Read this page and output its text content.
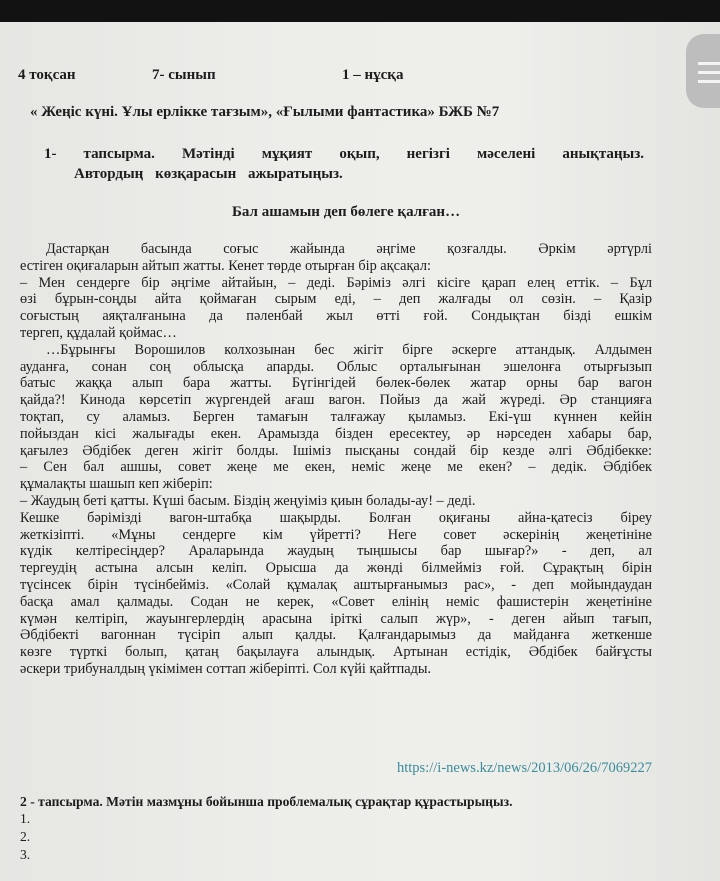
4 тоқсан	7- сынып	1 – нұсқа
« Жеңіс күні. Ұлы ерлікке тағзым», «Ғылыми фантастика» БЖБ №7
1- тапсырма. Мәтінді мұқият оқып, негізгі мәселені анықтаңыз.
Автордың көзқарасын ажыратыңыз.
Бал ашамын деп бөлеге қалған…
Дастарқан басында соғыс жайында әңгіме қозғалды. Әркім әртүрлі
естіген оқиғаларын айтып жатты. Кенет төрде отырған бір ақсақал:
– Мен сендерге бір әңгіме айтайын, – деді. Бәріміз әлгі кісіге қарап елең еттік. – Бұл
өзі бұрын-соңды айта қоймаған сырым еді, – деп жалғады ол сөзін. – Қазір
соғыстың аяқталғанына да пәленбай жыл өтті ғой. Сондықтан біздi ешкім
тергеп, құдалай қоймас…
…Бұрынғы Ворошилов колхозынан бес жігіт бірге әскерге аттандық. Алдымен
ауданға, сонан соң облысқа апарды. Облыс орталығынан эшелонға отырғызып
батыс жаққа алып бара жатты. Бүгінгідей бөлек-бөлек жатар орны бар вагон
қайда?! Кинода көрсетіп жүргендей ағаш вагон. Пойыз да жай жүреді. Әр станцияға
тоқтап, су аламыз. Берген тамағын талғажау қыламыз. Екі-үш күннен кейін
пойыздан кісі жалығады екен. Арамызда бізден ересектеу, әр нәрседен хабары бар,
қағылез Әбдібек деген жігіт болды. Ішіміз пысқаны сондай бір кезде әлгі Әбдібекке:
– Сен бал ашшы, совет жеңе ме екен, неміс жеңе ме екен? – дедік. Әбдібек
құмалақты шашып кеп жіберіп:
– Жаудың беті қатты. Күші басым. Біздің жеңуіміз қиын болады-ау! – деді.
Кешке бәрімізді вагон-штабқа шақырды. Болған оқиғаны айна-қатесіз біреу
жеткізіпті. «Мұны сендерге кім үйретті? Неге совет әскерінің жеңетініне
күдік келтіресіңдер? Араларында жаудың тыңшысы бар шығар?» - деп, ал
тергеудің астына алсын келіп. Орысша да жөнді білмейміз ғой. Сұрақтың бірін
түсінсек бірін түсінбейміз. «Солай құмалақ аштырғанымыз рас», - деп мойындаудан
басқа амал қалмады. Содан не керек, «Совет елінің неміс фашистерін жеңетініне
күмән келтіріп, жауынгерлердің арасына іріткі салып жүр», - деген айып тағып,
Әбдібекті вагоннан түсіріп алып қалды. Қалғандарымыз да майданға жеткенше
көзге түрткі болып, қатаң бақылауға алындық. Артынан естідік, Әбдібек байғұсты
әскери трибуналдың үкімімен соттап жіберіпті. Сол күйі қайтпады.
https://i-news.kz/news/2013/06/26/7069227
2 - тапсырма. Мәтін мазмұны бойынша проблемалық сұрақтар құрастырыңыз.
1.
2.
3.
